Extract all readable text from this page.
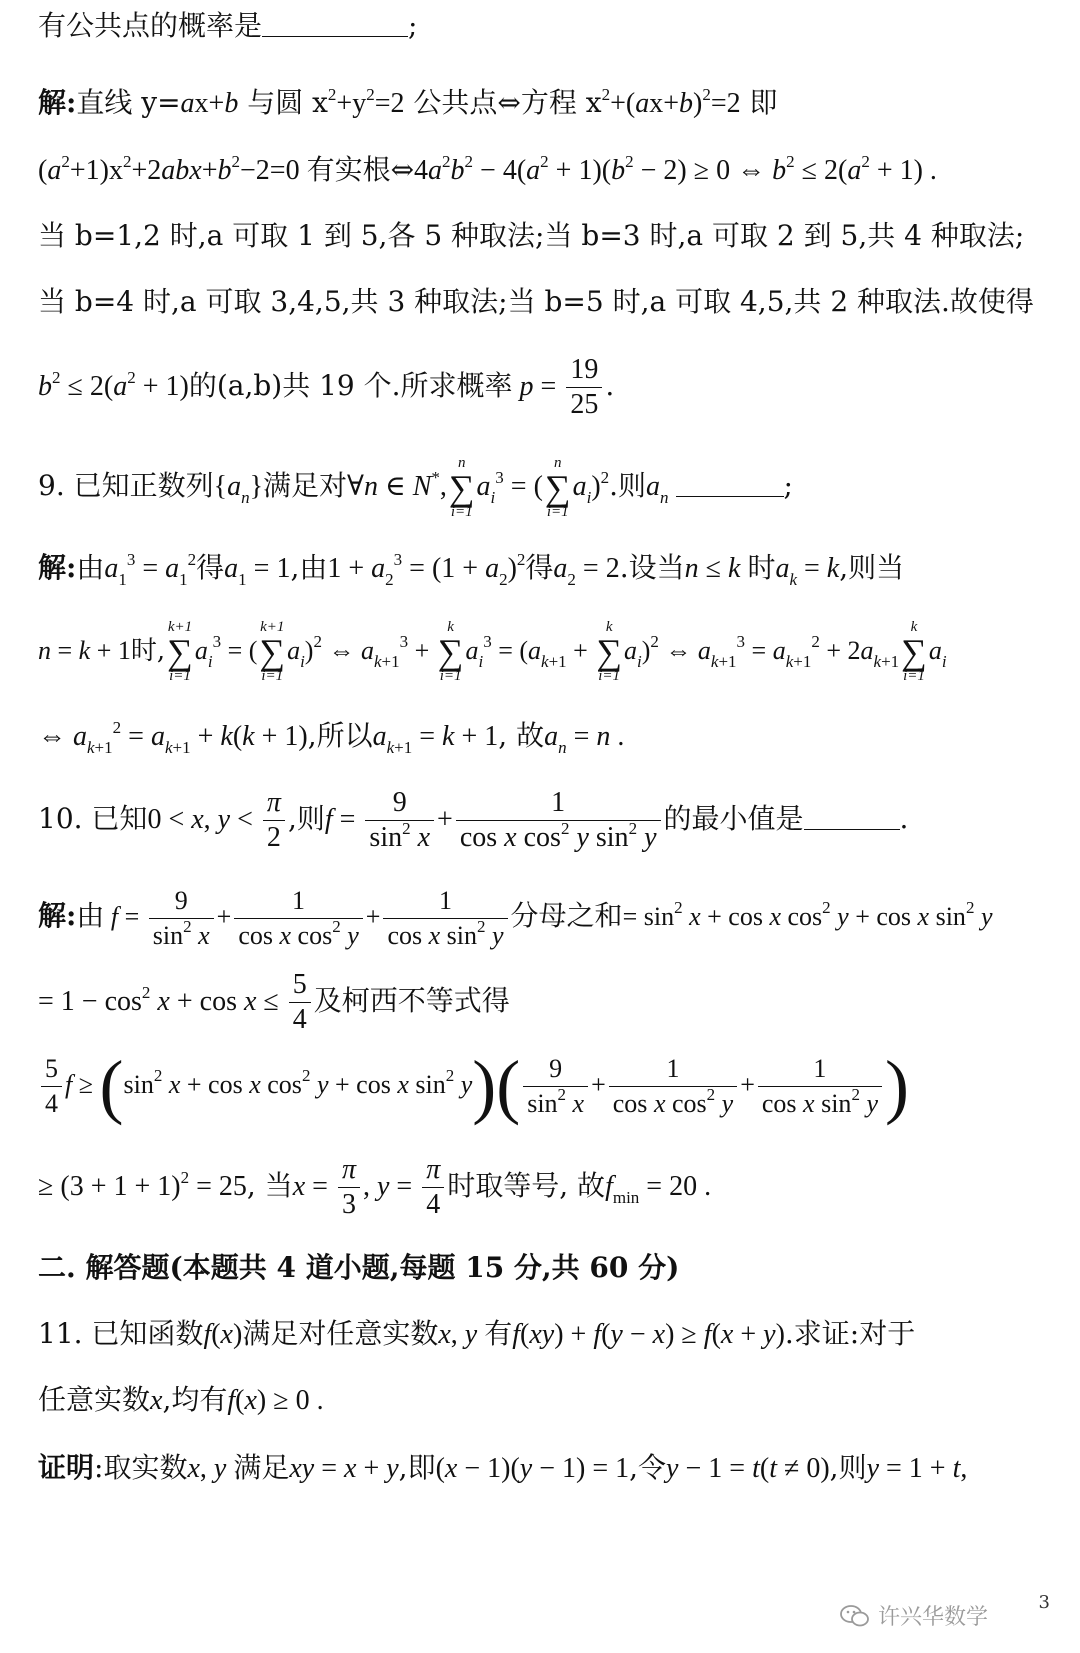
有公共点的概率是	;
解:直线 y=ax+b 与圆 $x^2+y^2=2$ 公共点⇔方程 $x^2+(ax+b)^2=2$ 即
$(a^2+1)x^2+2abx+b^2-2=0$ 有实根$\Leftrightarrow 4a^2b^2 - 4(a^2 + 1)(b^2 - 2) \ge 0$ ⇔ $b^2 \le 2(a^2 + 1)$ .
当 b=1,2 时,a 可取 1 到 5,各 5 种取法;当 b=3 时,a 可取 2 到 5,共 4 种取法;
当 b=4 时,a 可取 3,4,5,共 3 种取法;当 b=5 时,a 可取 4,5,共 2 种取法.故使得
$b^2 \le 2(a^2 + 1)$的(a,b)共 19 个.所求概率 $p = \frac{19}{25}$ .
9. 已知正数列$\{a_n\}$满足对∀n ∈ N*,
n
∑
i=1
$a_i^3$ = (
n
∑
i=1
$a_i)^2$.则$a_n$	;
解:由$a_1^3 = a_1^2$得$a_1 = 1$,由$1 + a_2^3 = (1 + a_2)^2$得$a_2 = 2$.设当n ≤ k 时$a_k = k$,则当
n = k + 1时,
k+1
∑
i=1
$a_i^3$ = (
k+1
∑
i=1
$a_i)^2$ ⇔ $a_{k+1}^3$ +
k
∑
i=1
$a_i^3 = (a_{k+1}$ +
k
∑
i=1
$a_i)^2$ ⇔ $a_{k+1}^3 = a_{k+1}^2 + 2a_{k+1}$
k
∑
i=1
$a_i$
⇔ $a_{k+1}^2 = a_{k+1} + k(k + 1)$,所以$a_{k+1} = k + 1$, 故$a_n = n$ .
10. 已知0 < x, $y < \frac{\pi}{2}$ ,则$f = \frac{9}{\sin^2 x} + \frac{1}{\cos x \cos^2 y \sin^2 y}$ 的最小值是	.
解:由 $f = \frac{9}{\sin^2 x} + \frac{1}{\cos x \cos^2 y} + \frac{1}{\cos x \sin^2 y}$ 分母之和= $\sin^2 x + \cos x$ $\cos^2 y + \cos x$ $\sin^2 y$
= $1 - \cos^2 x + \cos x \le \frac{5}{4}$ 及柯西不等式得
$\frac{5}{4}$ $f \ge (\sin^2$ x + cos x $\cos^2 y + \cos x$ $\sin^2 y)( \frac{9}{\sin^2 x} + \frac{1}{\cos x \cos^2 y} + \frac{1}{\cos x \sin^2 y}$ )
≥ $(3 + 1 + 1)^2 = 25$, 当$x = \frac{\pi}{3}$ , $y = \frac{\pi}{4}$ 时取等号, 故$f_{min} = 20$ .
二. 解答题(本题共 4 道小题,每题 15 分,共 60 分)
11. 已知函数f(x)满足对任意实数x, y 有f(xy) + f(y − x) ≥ f(x + y).求证:对于
任意实数x,均有f(x) ≥ 0 .
证明:取实数x, y 满足xy = x + y,即(x − 1)(y − 1) = 1,令y − 1 = t(t ≠ 0),则y = 1 + t,
许兴华数学
3
